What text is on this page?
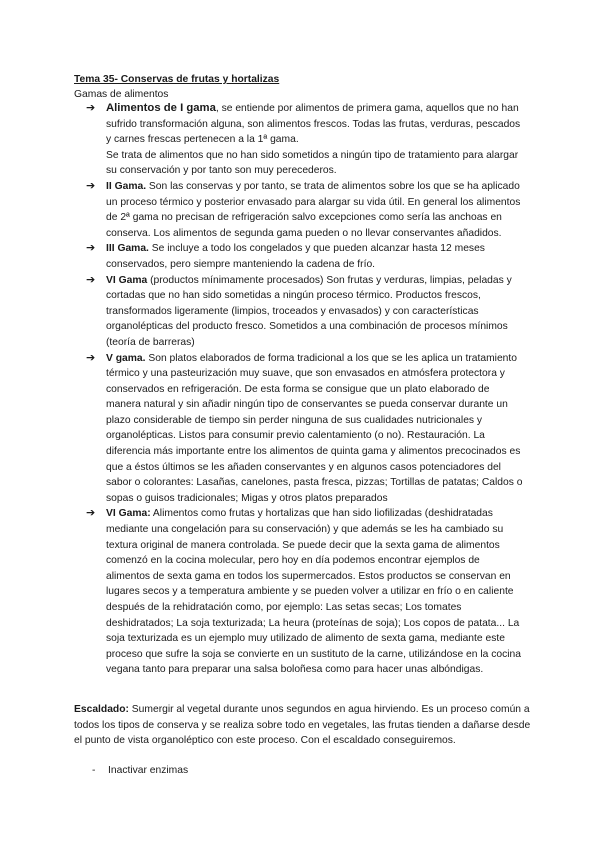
Tema 35- Conservas de frutas y hortalizas
Gamas de alimentos
➔ Alimentos de I gama, se entiende por alimentos de primera gama, aquellos que no han sufrido transformación alguna, son alimentos frescos. Todas las frutas, verduras, pescados y carnes frescas pertenecen a la 1ª gama.
Se trata de alimentos que no han sido sometidos a ningún tipo de tratamiento para alargar su conservación y por tanto son muy perecederos.
➔ II Gama. Son las conservas y por tanto, se trata de alimentos sobre los que se ha aplicado un proceso térmico y posterior envasado para alargar su vida útil. En general los alimentos de 2ª gama no precisan de refrigeración salvo excepciones como sería las anchoas en conserva. Los alimentos de segunda gama pueden o no llevar conservantes añadidos.
➔ III Gama. Se incluye a todo los congelados y que pueden alcanzar hasta 12 meses conservados, pero siempre manteniendo la cadena de frío.
➔ VI Gama (productos mínimamente procesados) Son frutas y verduras, limpias, peladas y cortadas que no han sido sometidas a ningún proceso térmico. Productos frescos, transformados ligeramente (limpios, troceados y envasados) y con características organolépticas del producto fresco. Sometidos a una combinación de procesos mínimos (teoría de barreras)
➔ V gama. Son platos elaborados de forma tradicional a los que se les aplica un tratamiento térmico y una pasteurización muy suave, que son envasados en atmósfera protectora y conservados en refrigeración. De esta forma se consigue que un plato elaborado de manera natural y sin añadir ningún tipo de conservantes se pueda conservar durante un plazo considerable de tiempo sin perder ninguna de sus cualidades nutricionales y organolépticas. Listos para consumir previo calentamiento (o no). Restauración. La diferencia más importante entre los alimentos de quinta gama y alimentos precocinados es que a éstos últimos se les añaden conservantes y en algunos casos potenciadores del sabor o colorantes: Lasañas, canelones, pasta fresca, pizzas; Tortillas de patatas; Caldos o sopas o guisos tradicionales; Migas y otros platos preparados
➔ VI Gama: Alimentos como frutas y hortalizas que han sido liofilizadas (deshidratadas mediante una congelación para su conservación) y que además se les ha cambiado su textura original de manera controlada. Se puede decir que la sexta gama de alimentos comenzó en la cocina molecular, pero hoy en día podemos encontrar ejemplos de alimentos de sexta gama en todos los supermercados. Estos productos se conservan en lugares secos y a temperatura ambiente y se pueden volver a utilizar en frío o en caliente después de la rehidratación como, por ejemplo: Las setas secas; Los tomates deshidratados; La soja texturizada; La heura (proteínas de soja); Los copos de patata... La soja texturizada es un ejemplo muy utilizado de alimento de sexta gama, mediante este proceso que sufre la soja se convierte en un sustituto de la carne, utilizándose en la cocina vegana tanto para preparar una salsa boloñesa como para hacer unas albóndigas.
Escaldado: Sumergir al vegetal durante unos segundos en agua hirviendo. Es un proceso común a todos los tipos de conserva y se realiza sobre todo en vegetales, las frutas tienden a dañarse desde el punto de vista organoléptico con este proceso. Con el escaldado conseguiremos.
- Inactivar enzimas
